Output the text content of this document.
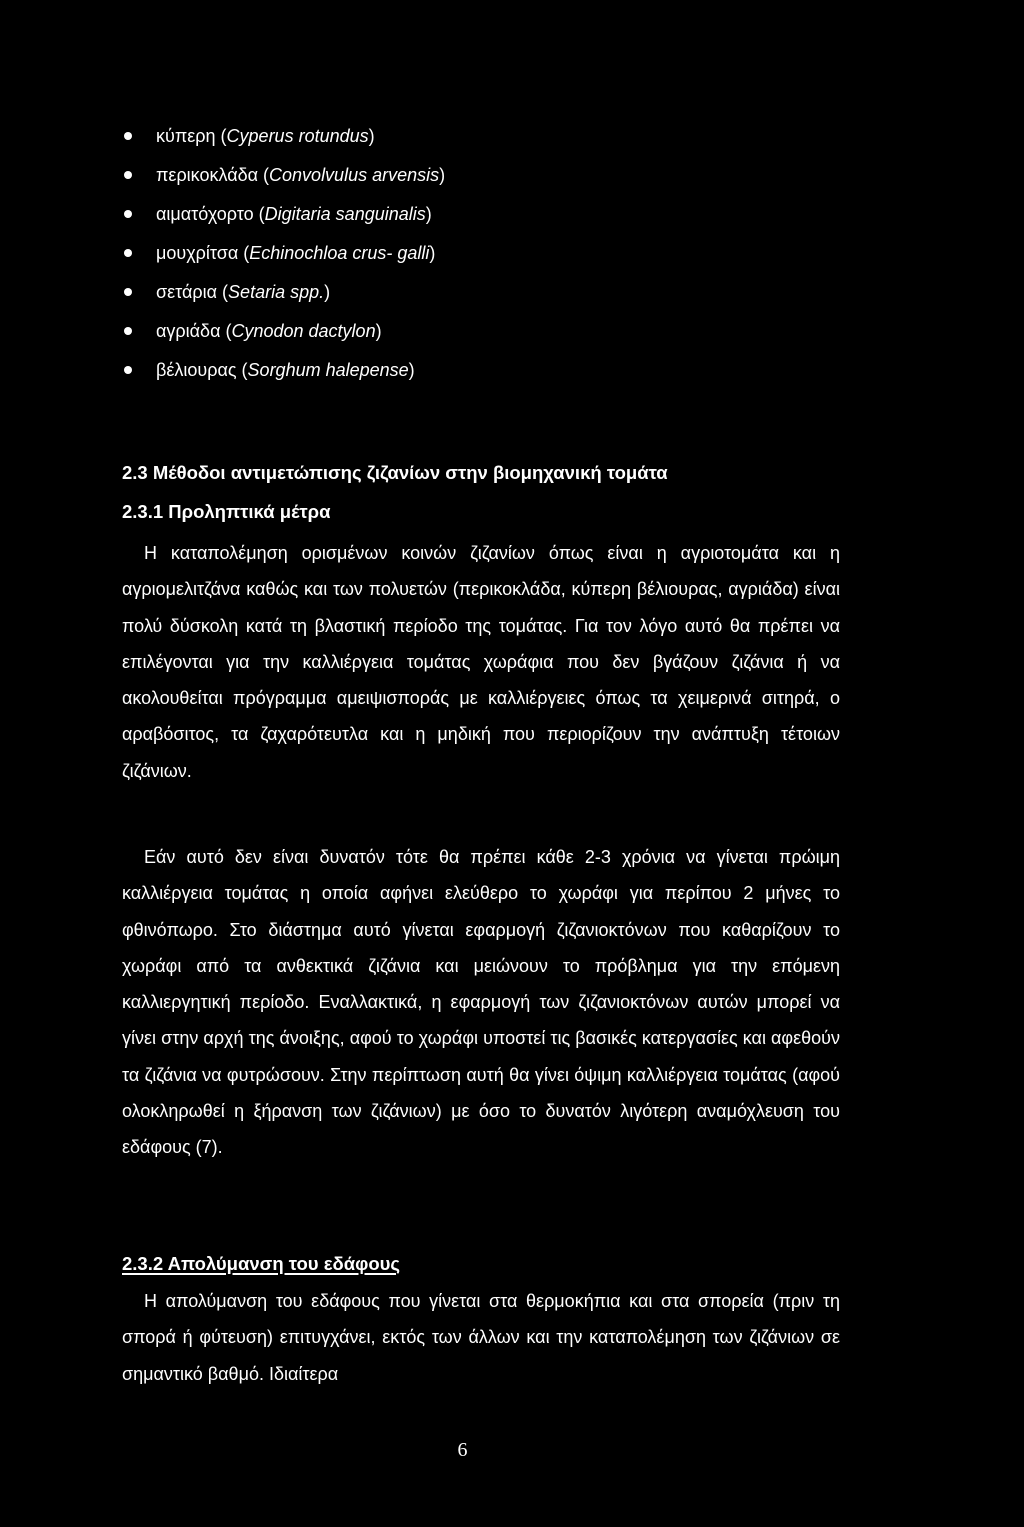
κύπερη (Cyperus rotundus)
περικοκλάδα (Convolvulus arvensis)
αιματόχορτο (Digitaria sanguinalis)
μουχρίτσα (Echinochloa crus- galli)
σετάρια (Setaria spp.)
αγριάδα (Cynodon dactylon)
βέλιουρας (Sorghum halepense)
2.3 Μέθοδοι αντιμετώπισης ζιζανίων στην βιομηχανική τομάτα
2.3.1 Προληπτικά μέτρα

Η καταπολέμηση ορισμένων κοινών ζιζανίων όπως είναι η αγριοτομάτα και η αγριομελιτζάνα καθώς και των πολυετών (περικοκλάδα, κύπερη βέλιουρας, αγριάδα) είναι πολύ δύσκολη κατά τη βλαστική περίοδο της τομάτας. Για τον λόγο αυτό θα πρέπει να επιλέγονται για την καλλιέργεια τομάτας χωράφια που δεν βγάζουν ζιζάνια ή να ακολουθείται πρόγραμμα αμειψισποράς με καλλιέργειες όπως τα χειμερινά σιτηρά, ο αραβόσιτος, τα ζαχαρότευτλα και η μηδική που περιορίζουν την ανάπτυξη τέτοιων ζιζάνιων.

Εάν αυτό δεν είναι δυνατόν τότε θα πρέπει κάθε 2-3 χρόνια να γίνεται πρώιμη καλλιέργεια τομάτας η οποία αφήνει ελεύθερο το χωράφι για περίπου 2 μήνες το φθινόπωρο. Στο διάστημα αυτό γίνεται εφαρμογή ζιζανιοκτόνων που καθαρίζουν το χωράφι από τα ανθεκτικά ζιζάνια και μειώνουν το πρόβλημα για την επόμενη καλλιεργητική περίοδο. Εναλλακτικά, η εφαρμογή των ζιζανιοκτόνων αυτών μπορεί να γίνει στην αρχή της άνοιξης, αφού το χωράφι υποστεί τις βασικές κατεργασίες και αφεθούν τα ζιζάνια να φυτρώσουν. Στην περίπτωση αυτή θα γίνει όψιμη καλλιέργεια τομάτας (αφού ολοκληρωθεί η ξήρανση των ζιζάνιων) με όσο το δυνατόν λιγότερη αναμόχλευση του εδάφους (7).

2.3.2 Απολύμανση του εδάφους

Η απολύμανση του εδάφους που γίνεται στα θερμοκήπια και στα σπορεία (πριν τη σπορά ή φύτευση) επιτυγχάνει, εκτός των άλλων και την καταπολέμηση των ζιζάνιων σε σημαντικό βαθμό. Ιδιαίτερα

6
